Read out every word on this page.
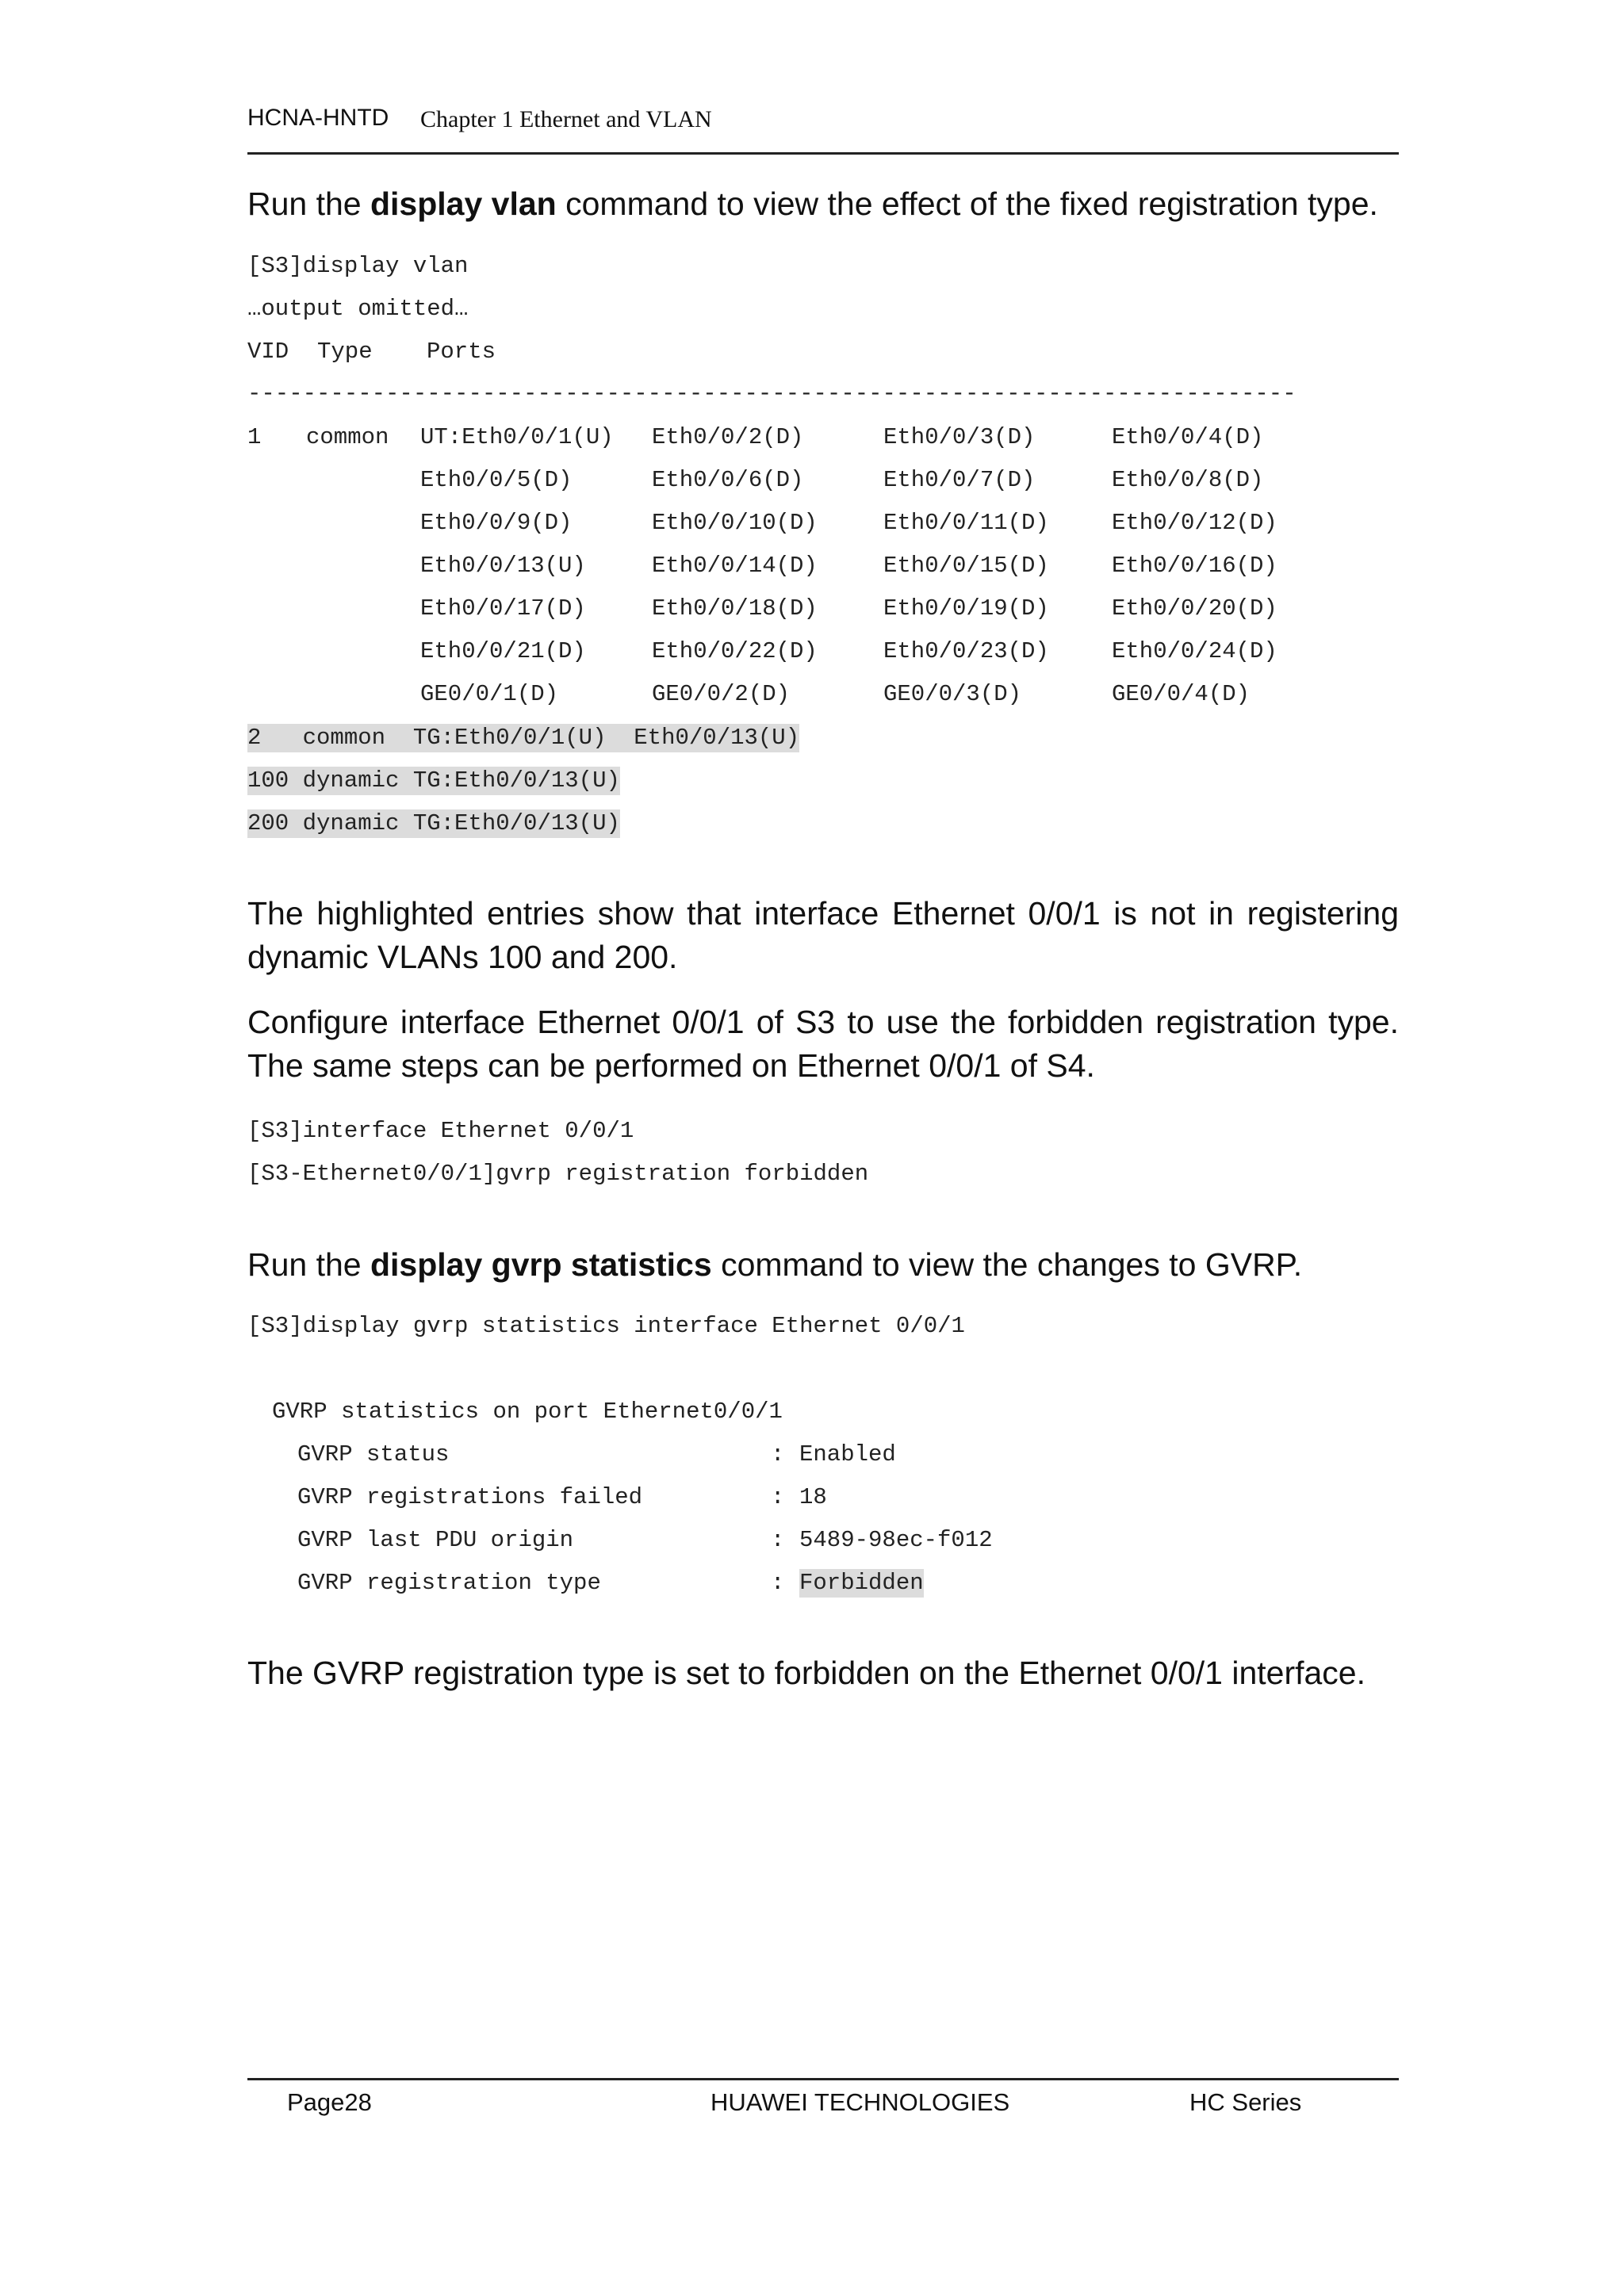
HCNA-HNTD Chapter 1 Ethernet and VLAN

Run the display vlan command to view the effect of the fixed registration type.

[S3]display vlan
…output omitted…
VID Type Ports
----------------------------------------------------------------------------
1 common UT:Eth0/0/1(U) Eth0/0/2(D)	Eth0/0/3(D)	Eth0/0/4(D)
Eth0/0/5(D)	Eth0/0/6(D)	Eth0/0/7(D)	Eth0/0/8(D)
Eth0/0/9(D)	Eth0/0/10(D)	Eth0/0/11(D)	Eth0/0/12(D)
Eth0/0/13(U)	Eth0/0/14(D)	Eth0/0/15(D)	Eth0/0/16(D)
Eth0/0/17(D)	Eth0/0/18(D)	Eth0/0/19(D)	Eth0/0/20(D)
Eth0/0/21(D)	Eth0/0/22(D)	Eth0/0/23(D)	Eth0/0/24(D)
GE0/0/1(D)	GE0/0/2(D)	GE0/0/3(D)	GE0/0/4(D)
2   common  TG:Eth0/0/1(U)  Eth0/0/13(U)
100 dynamic TG:Eth0/0/13(U)
200 dynamic TG:Eth0/0/13(U)

The highlighted entries show that interface Ethernet 0/0/1 is not in registering dynamic VLANs 100 and 200.

Configure interface Ethernet 0/0/1 of S3 to use the forbidden registration type. The same steps can be performed on Ethernet 0/0/1 of S4.

[S3]interface Ethernet 0/0/1
[S3-Ethernet0/0/1]gvrp registration forbidden

Run the display gvrp statistics command to view the changes to GVRP.

[S3]display gvrp statistics interface Ethernet 0/0/1
GVRP statistics on port Ethernet0/0/1
GVRP status	: Enabled
GVRP registrations failed	: 18
GVRP last PDU origin	: 5489-98ec-f012
GVRP registration type	: Forbidden

The GVRP registration type is set to forbidden on the Ethernet 0/0/1 interface.

Page28	HUAWEI TECHNOLOGIES	HC Series
